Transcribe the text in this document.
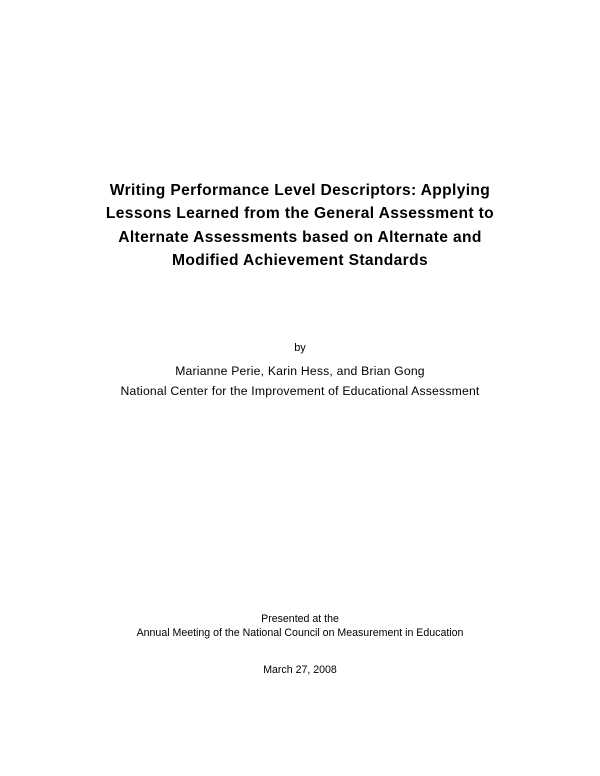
Writing Performance Level Descriptors: Applying
Lessons Learned from the General Assessment to
Alternate Assessments based on Alternate and
Modified Achievement Standards
by
Marianne Perie, Karin Hess, and Brian Gong
National Center for the Improvement of Educational Assessment
Presented at the
Annual Meeting of the National Council on Measurement in Education
March 27, 2008
